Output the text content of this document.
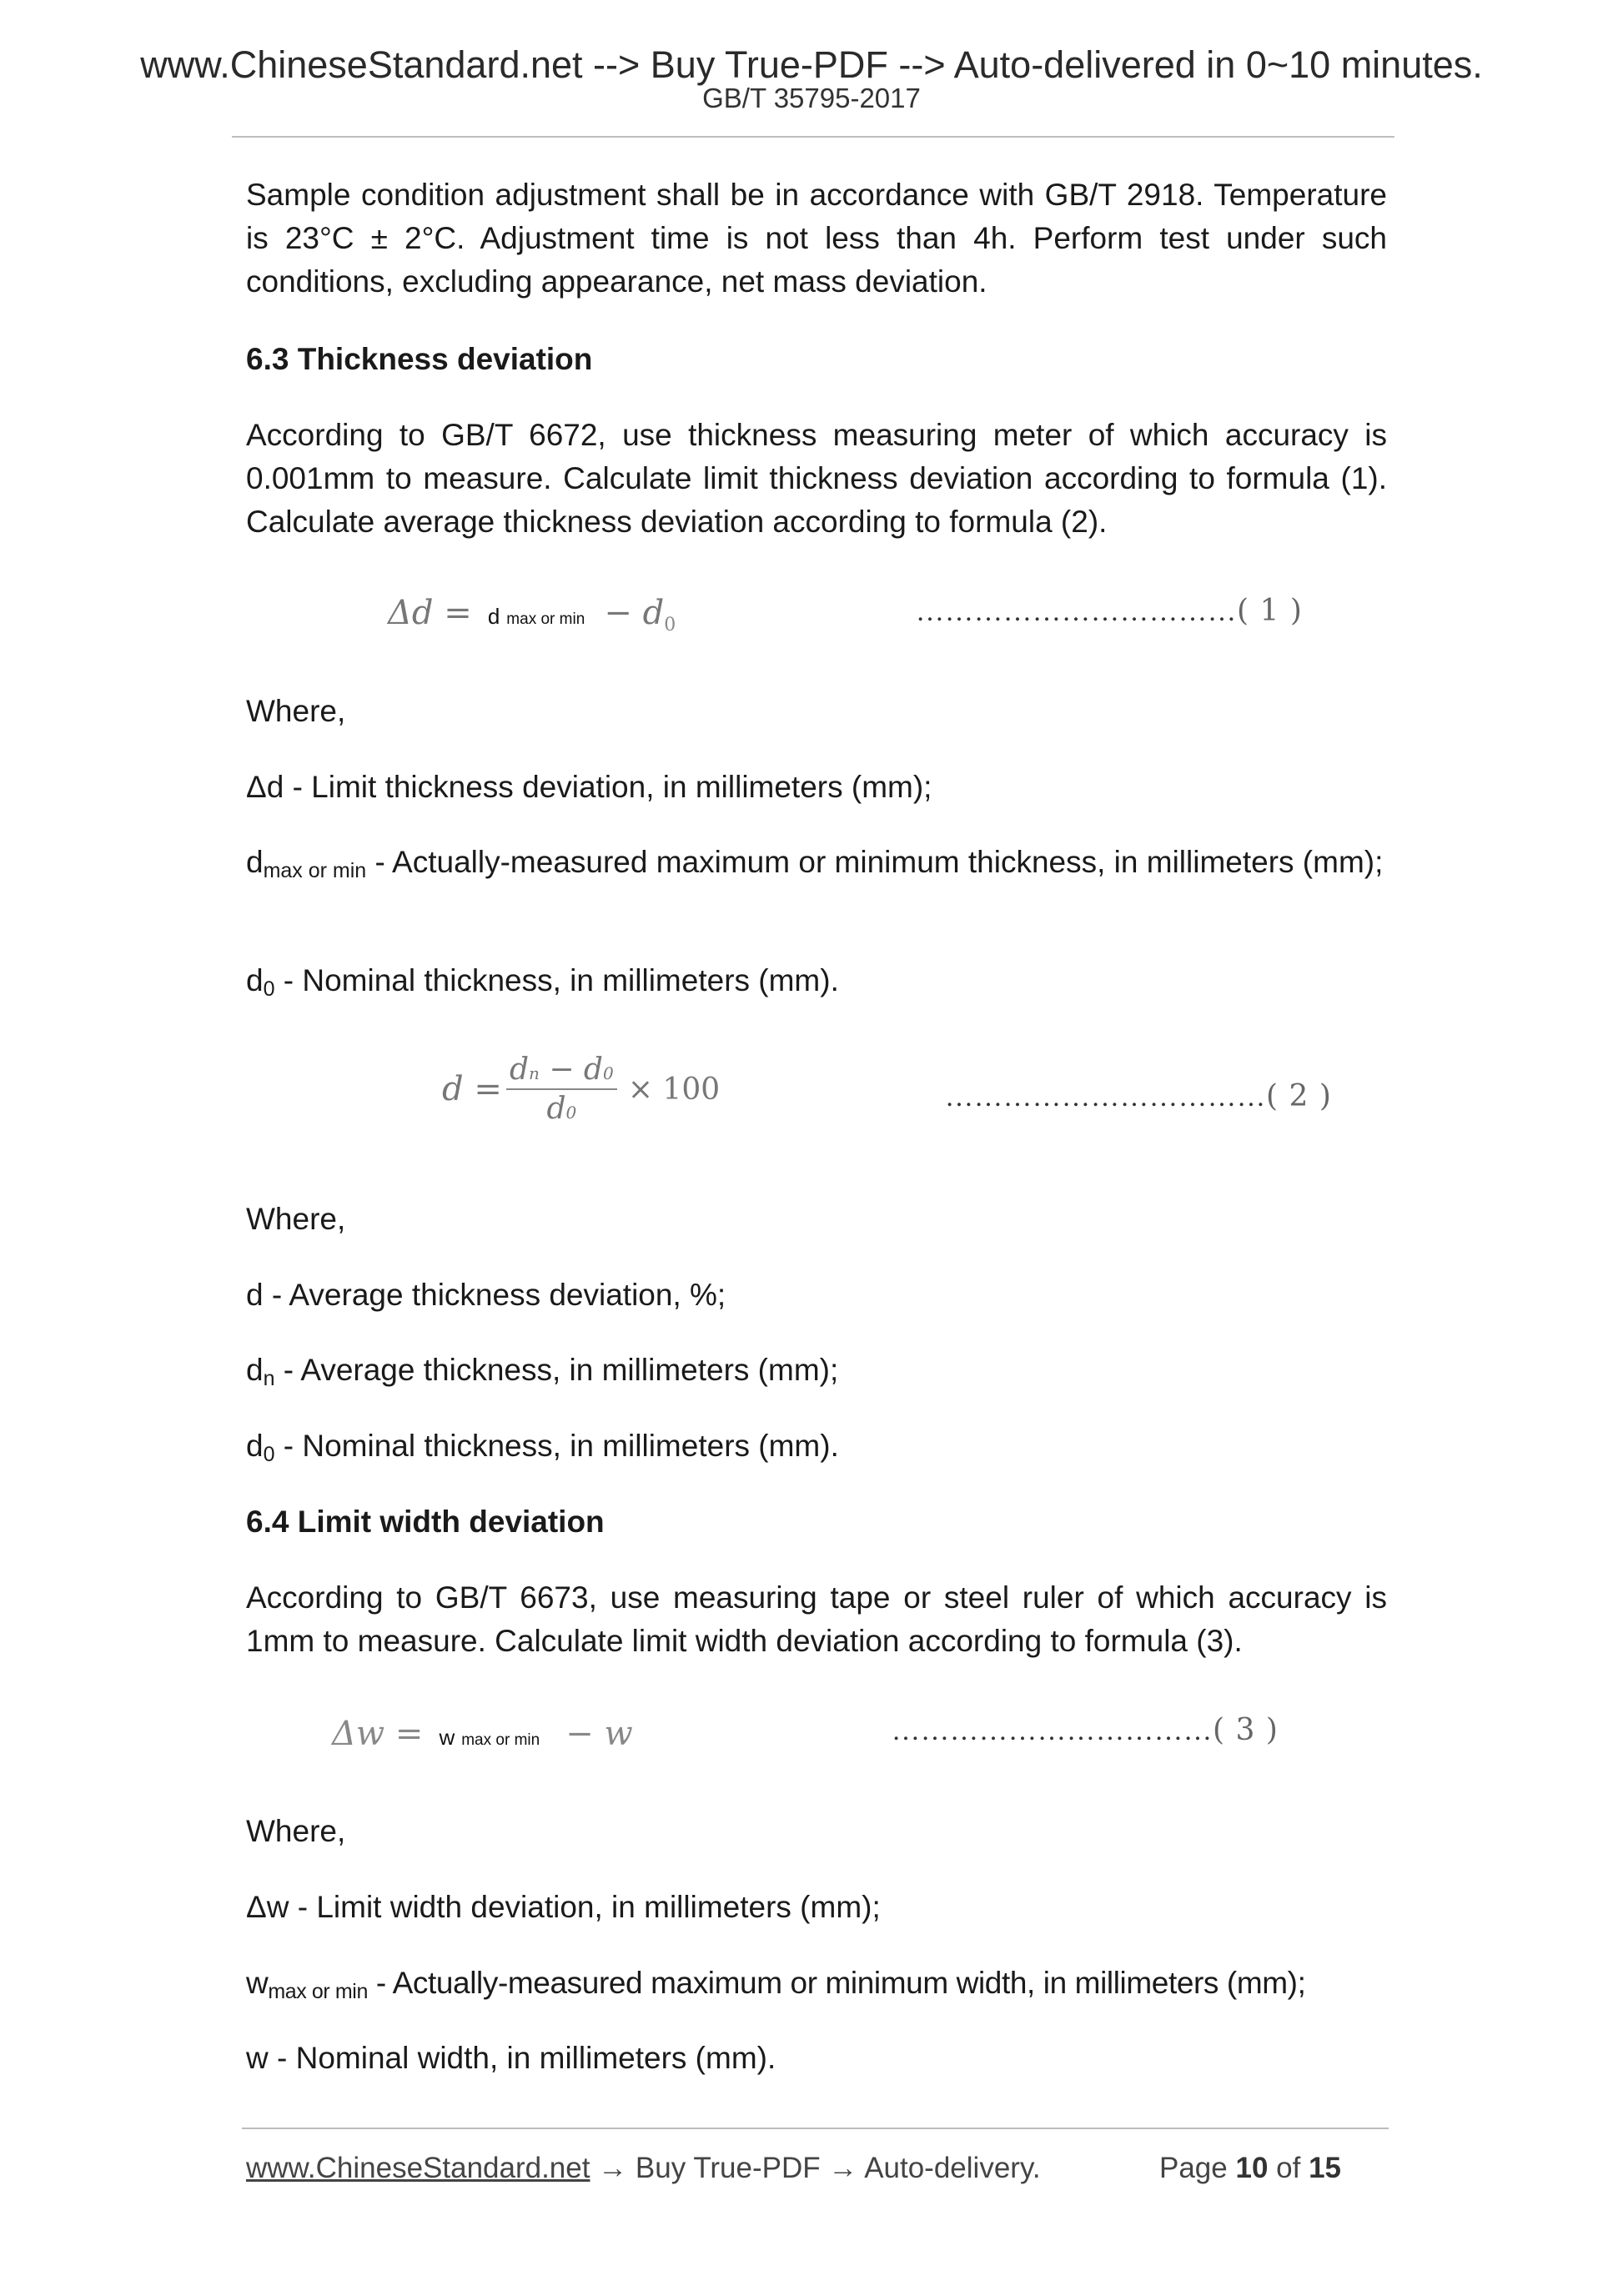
www.ChineseStandard.net --> Buy True-PDF --> Auto-delivered in 0~10 minutes.
GB/T 35795-2017

Sample condition adjustment shall be in accordance with GB/T 2918. Temperature is 23°C ± 2°C. Adjustment time is not less than 4h. Perform test under such conditions, excluding appearance, net mass deviation.

6.3 Thickness deviation

According to GB/T 6672, use thickness measuring meter of which accuracy is 0.001mm to measure. Calculate limit thickness deviation according to formula (1). Calculate average thickness deviation according to formula (2).

Δd = d max or min − d0	……………………………( 1 )

Where,

Δd - Limit thickness deviation, in millimeters (mm);

$d_{max or min}$ - Actually-measured maximum or minimum thickness, in millimeters (mm);

$d_0$ - Nominal thickness, in millimeters (mm).

$d = \frac{dn - d0}{d0} \times 100$	……………………………( 2 )

Where,

d - Average thickness deviation, %;

$d_n$ - Average thickness, in millimeters (mm);

$d_0$ - Nominal thickness, in millimeters (mm).

6.4 Limit width deviation

According to GB/T 6673, use measuring tape or steel ruler of which accuracy is 1mm to measure. Calculate limit width deviation according to formula (3).

Δw = w max or min − w	……………………………( 3 )

Where,

Δw - Limit width deviation, in millimeters (mm);

$w_{max or min}$ - Actually-measured maximum or minimum width, in millimeters (mm);

w - Nominal width, in millimeters (mm).

www.ChineseStandard.net → Buy True-PDF → Auto-delivery.	Page 10 of 15
